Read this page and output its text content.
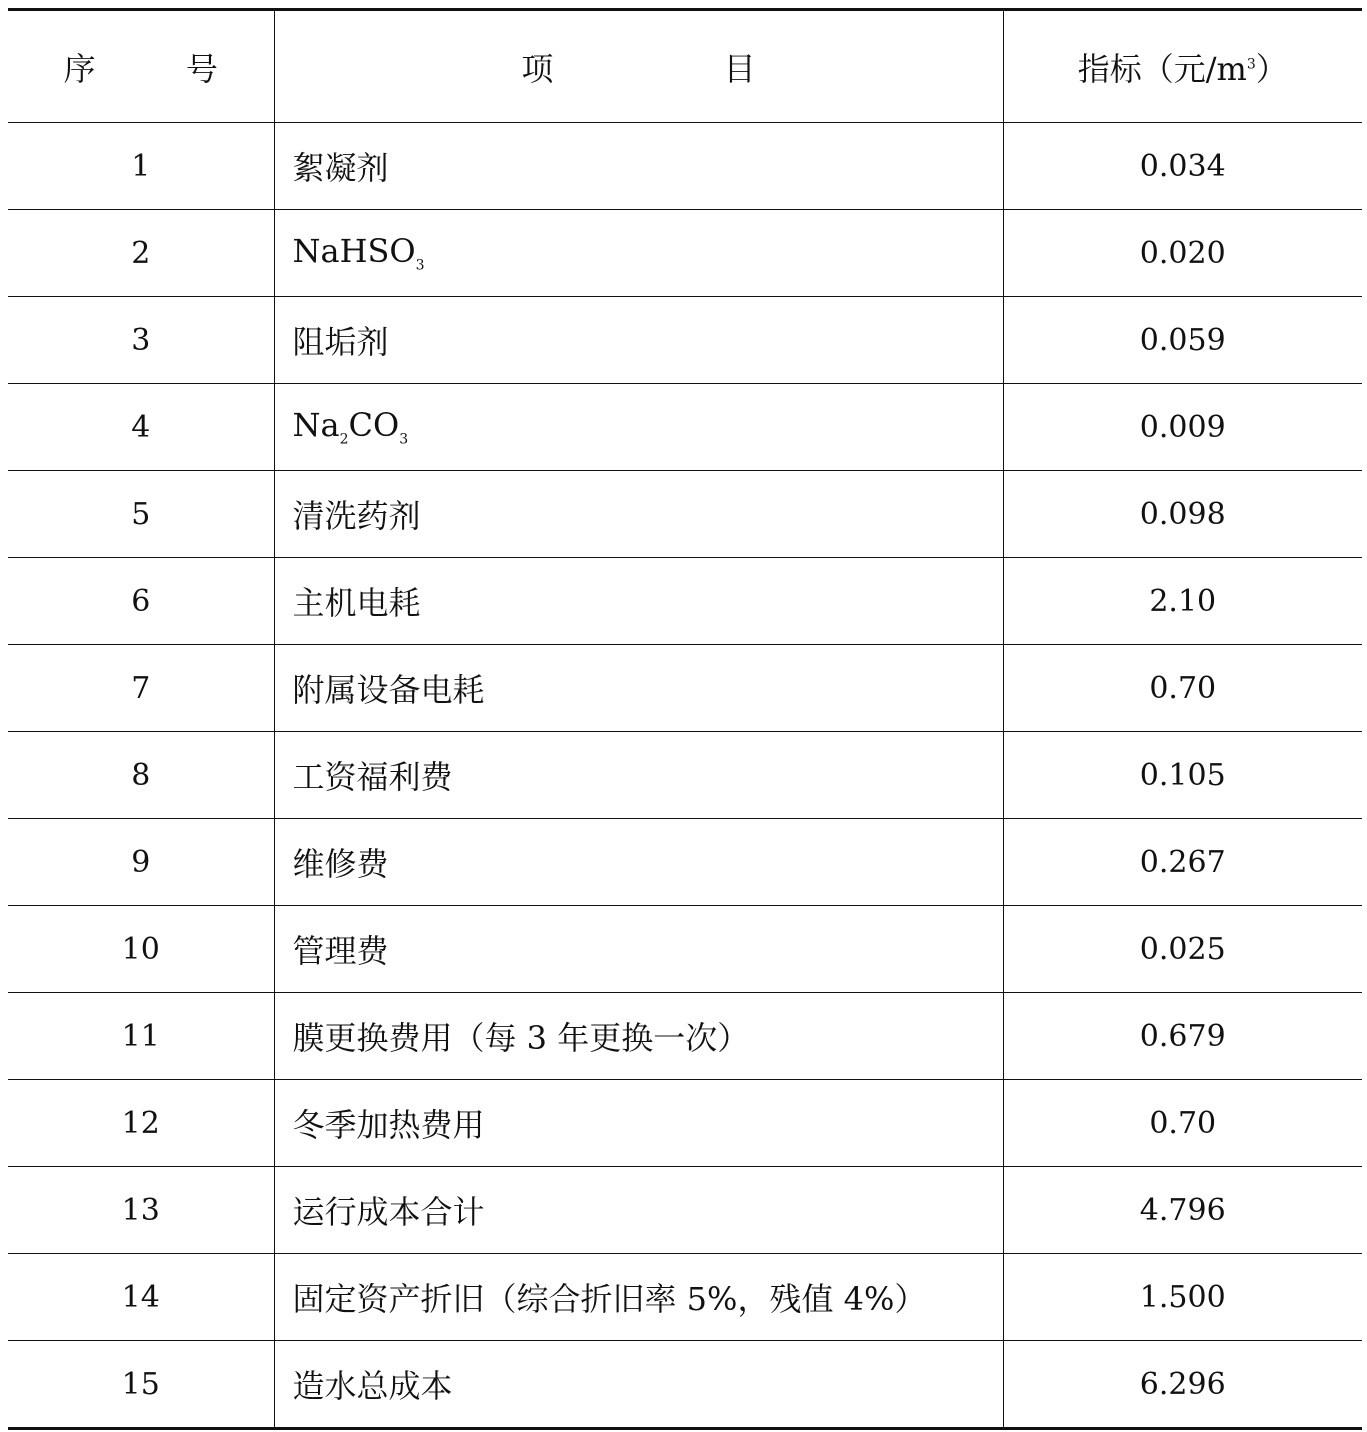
序 号	项 目	指标（元$/m^3$）
1	絮凝剂	0.034
2	NaHSO$_3$	0.020
3	阻垢剂	0.059
4	$Na_2CO_3$	0.009
5	清洗药剂	0.098
6	主机电耗	2.10
7	附属设备电耗	0.70
8	工资福利费	0.105
9	维修费	0.267
10	管理费	0.025
11	膜更换费用（每 3 年更换一次）	0.679
12	冬季加热费用	0.70
13	运行成本合计	4.796
14	固定资产折旧（综合折旧率 5%，残值 4%）	1.500
15	造水总成本	6.296
